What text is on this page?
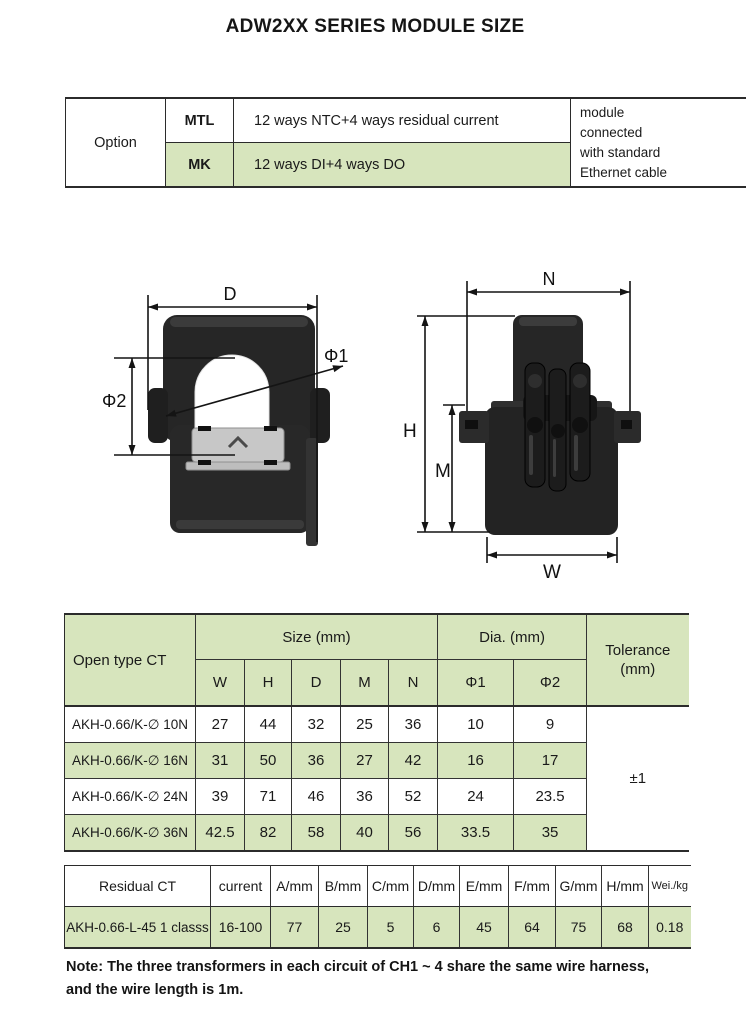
ADW2XX SERIES MODULE SIZE
Option	MTL	12 ways NTC+4 ways residual current	module
connected
with standard
Ethernet cable

	MK	12 ways DI+4 ways DO	
D
Φ1
Φ2
N
H
M
W
Open type CT	Size (mm)					Dia. (mm)		Tolerance
(mm)

	W	H	D	M	N	Φ1	Φ2	
AKH-0.66/K-∅ 10N	27	44	32	25	36	10	9	±1
AKH-0.66/K-∅ 16N	31	50	36	27	42	16	17	
AKH-0.66/K-∅ 24N	39	71	46	36	52	24	23.5	
AKH-0.66/K-∅ 36N	42.5	82	58	40	56	33.5	35	
Residual CT	current	A/mm	B/mm	C/mm	D/mm	E/mm	F/mm	G/mm	H/mm	Wei./kg
AKH-0.66-L-45 1 classs	16-100	77	25	5	6	45	64	75	68	0.18
Note: The three transformers in each circuit of CH1 ~ 4 share the same wire harness,
and the wire length is 1m.
